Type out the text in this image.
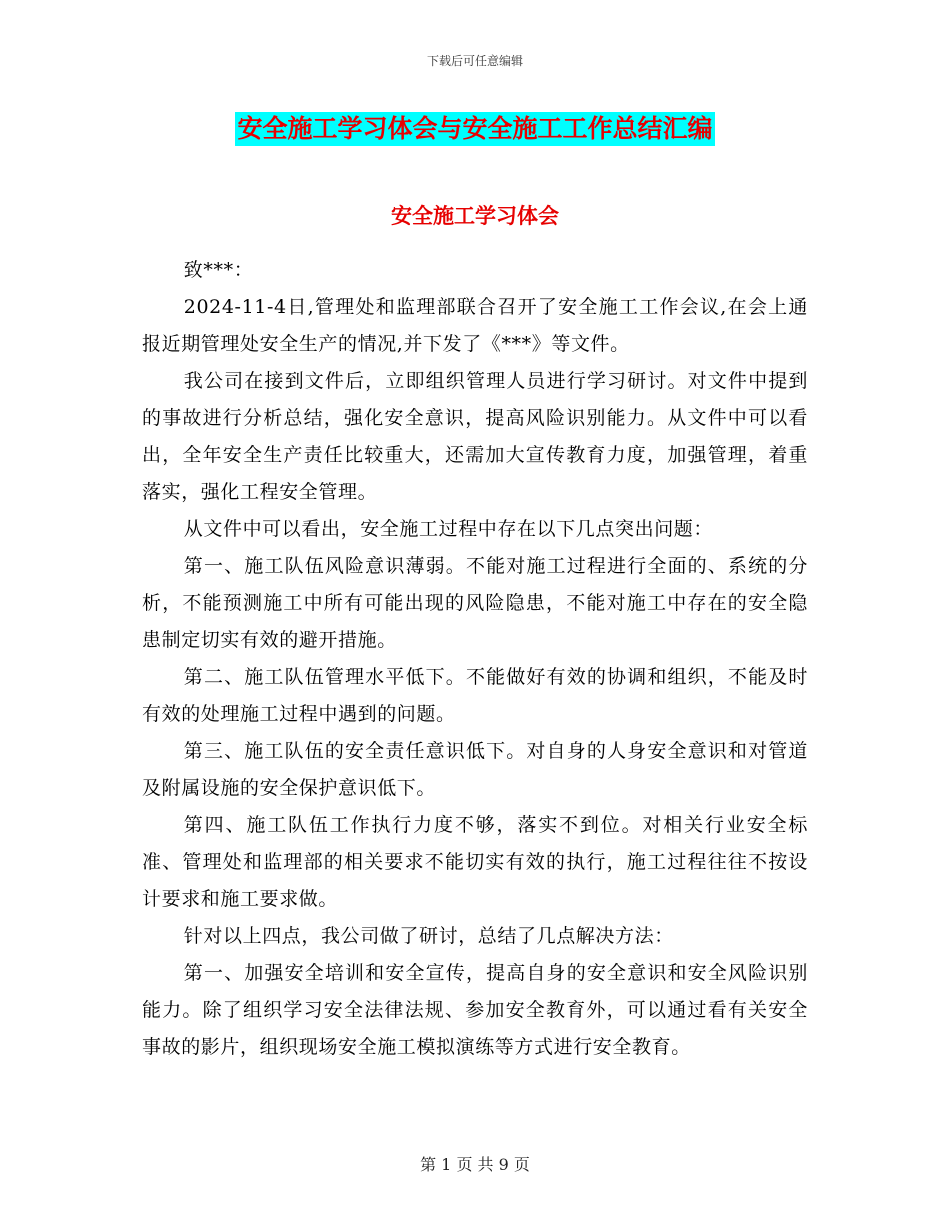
下载后可任意编辑
安全施工学习体会与安全施工工作总结汇编
安全施工学习体会

致***：

2024-11-4日,管理处和监理部联合召开了安全施工工作会议,在会上通报近期管理处安全生产的情况,并下发了《***》等文件。

我公司在接到文件后，立即组织管理人员进行学习研讨。对文件中提到的事故进行分析总结，强化安全意识，提高风险识别能力。从文件中可以看出，全年安全生产责任比较重大，还需加大宣传教育力度，加强管理，着重落实，强化工程安全管理。

从文件中可以看出，安全施工过程中存在以下几点突出问题：

第一、施工队伍风险意识薄弱。不能对施工过程进行全面的、系统的分析，不能预测施工中所有可能出现的风险隐患，不能对施工中存在的安全隐患制定切实有效的避开措施。

第二、施工队伍管理水平低下。不能做好有效的协调和组织，不能及时有效的处理施工过程中遇到的问题。

第三、施工队伍的安全责任意识低下。对自身的人身安全意识和对管道及附属设施的安全保护意识低下。

第四、施工队伍工作执行力度不够，落实不到位。对相关行业安全标准、管理处和监理部的相关要求不能切实有效的执行，施工过程往往不按设计要求和施工要求做。

针对以上四点，我公司做了研讨，总结了几点解决方法：

第一、加强安全培训和安全宣传，提高自身的安全意识和安全风险识别能力。除了组织学习安全法律法规、参加安全教育外，可以通过看有关安全事故的影片，组织现场安全施工模拟演练等方式进行安全教育。

第 1 页 共 9 页
